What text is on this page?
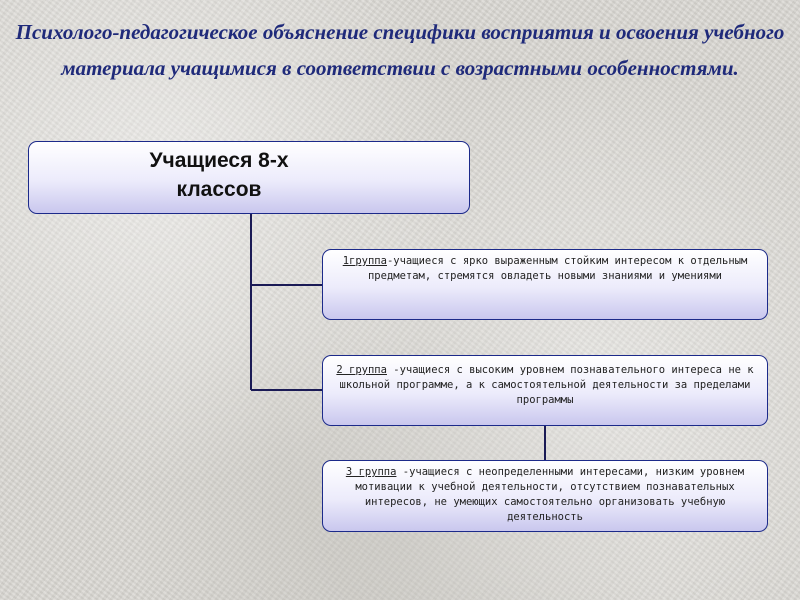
Психолого-педагогическое объяснение специфики восприятия и освоения учебного материала учащимися в соответствии с возрастными особенностями.
Учащиеся 8-х
классов
1группа-учащиеся с ярко выраженным стойким интересом к отдельным предметам, стремятся овладеть новыми знаниями и умениями
2 группа -учащиеся с высоким уровнем познавательного интереса не к школьной программе, а к самостоятельной деятельности за пределами программы
3 группа -учащиеся с неопределенными интересами, низким уровнем мотивации к учебной деятельности, отсутствием познавательных интересов, не умеющих самостоятельно организовать учебную деятельность
